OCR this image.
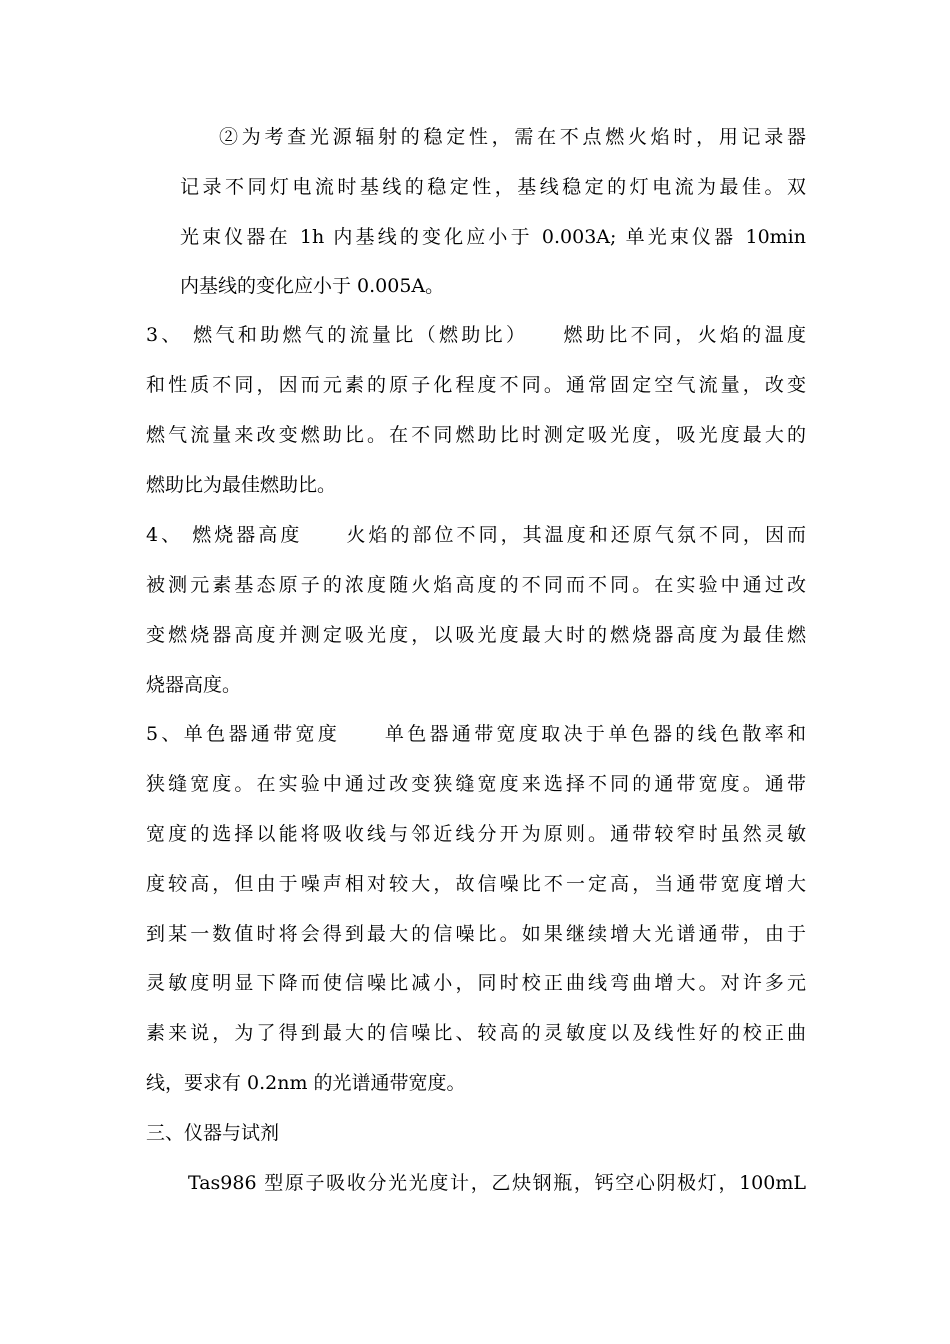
②为考查光源辐射的稳定性，需在不点燃火焰时，用记录器
记录不同灯电流时基线的稳定性，基线稳定的灯电流为最佳。双
光束仪器在 1h 内基线的变化应小于 0.003A; 单光束仪器 10min
内基线的变化应小于 0.005A。
3、 燃气和助燃气的流量比（燃助比）　　燃助比不同，火焰的温度
和性质不同，因而元素的原子化程度不同。通常固定空气流量，改变
燃气流量来改变燃助比。在不同燃助比时测定吸光度，吸光度最大的
燃助比为最佳燃助比。
4、 燃烧器高度　　火焰的部位不同，其温度和还原气氛不同，因而
被测元素基态原子的浓度随火焰高度的不同而不同。在实验中通过改
变燃烧器高度并测定吸光度，以吸光度最大时的燃烧器高度为最佳燃
烧器高度。
5、单色器通带宽度　　单色器通带宽度取决于单色器的线色散率和
狭缝宽度。在实验中通过改变狭缝宽度来选择不同的通带宽度。通带
宽度的选择以能将吸收线与邻近线分开为原则。通带较窄时虽然灵敏
度较高，但由于噪声相对较大，故信噪比不一定高，当通带宽度增大
到某一数值时将会得到最大的信噪比。如果继续增大光谱通带，由于
灵敏度明显下降而使信噪比减小，同时校正曲线弯曲增大。对许多元
素来说，为了得到最大的信噪比、较高的灵敏度以及线性好的校正曲
线，要求有 0.2nm 的光谱通带宽度。
三、仪器与试剂
Tas986 型原子吸收分光光度计，乙炔钢瓶，钙空心阴极灯，100mL
